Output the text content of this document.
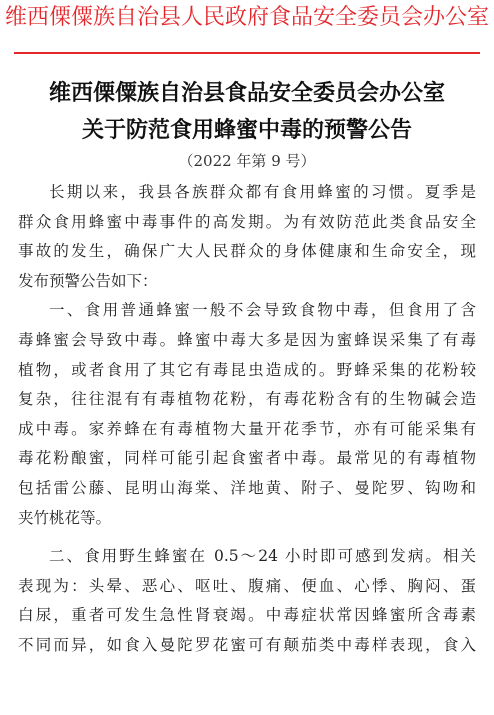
维西傈僳族自治县人民政府食品安全委员会办公室
维西傈僳族自治县食品安全委员会办公室
关于防范食用蜂蜜中毒的预警公告
（2022 年第 9 号）
长期以来，我县各族群众都有食用蜂蜜的习惯。夏季是
群众食用蜂蜜中毒事件的高发期。为有效防范此类食品安全
事故的发生，确保广大人民群众的身体健康和生命安全，现
发布预警公告如下：
一、食用普通蜂蜜一般不会导致食物中毒，但食用了含
毒蜂蜜会导致中毒。蜂蜜中毒大多是因为蜜蜂误采集了有毒
植物，或者食用了其它有毒昆虫造成的。野蜂采集的花粉较
复杂，往往混有有毒植物花粉，有毒花粉含有的生物碱会造
成中毒。家养蜂在有毒植物大量开花季节，亦有可能采集有
毒花粉酿蜜，同样可能引起食蜜者中毒。最常见的有毒植物
包括雷公藤、昆明山海棠、洋地黄、附子、曼陀罗、钩吻和
夹竹桃花等。
二、食用野生蜂蜜在 0.5～24 小时即可感到发病。相关
表现为：头晕、恶心、呕吐、腹痛、便血、心悸、胸闷、蛋
白尿，重者可发生急性肾衰竭。中毒症状常因蜂蜜所含毒素
不同而异，如食入曼陀罗花蜜可有颠茄类中毒样表现，食入
